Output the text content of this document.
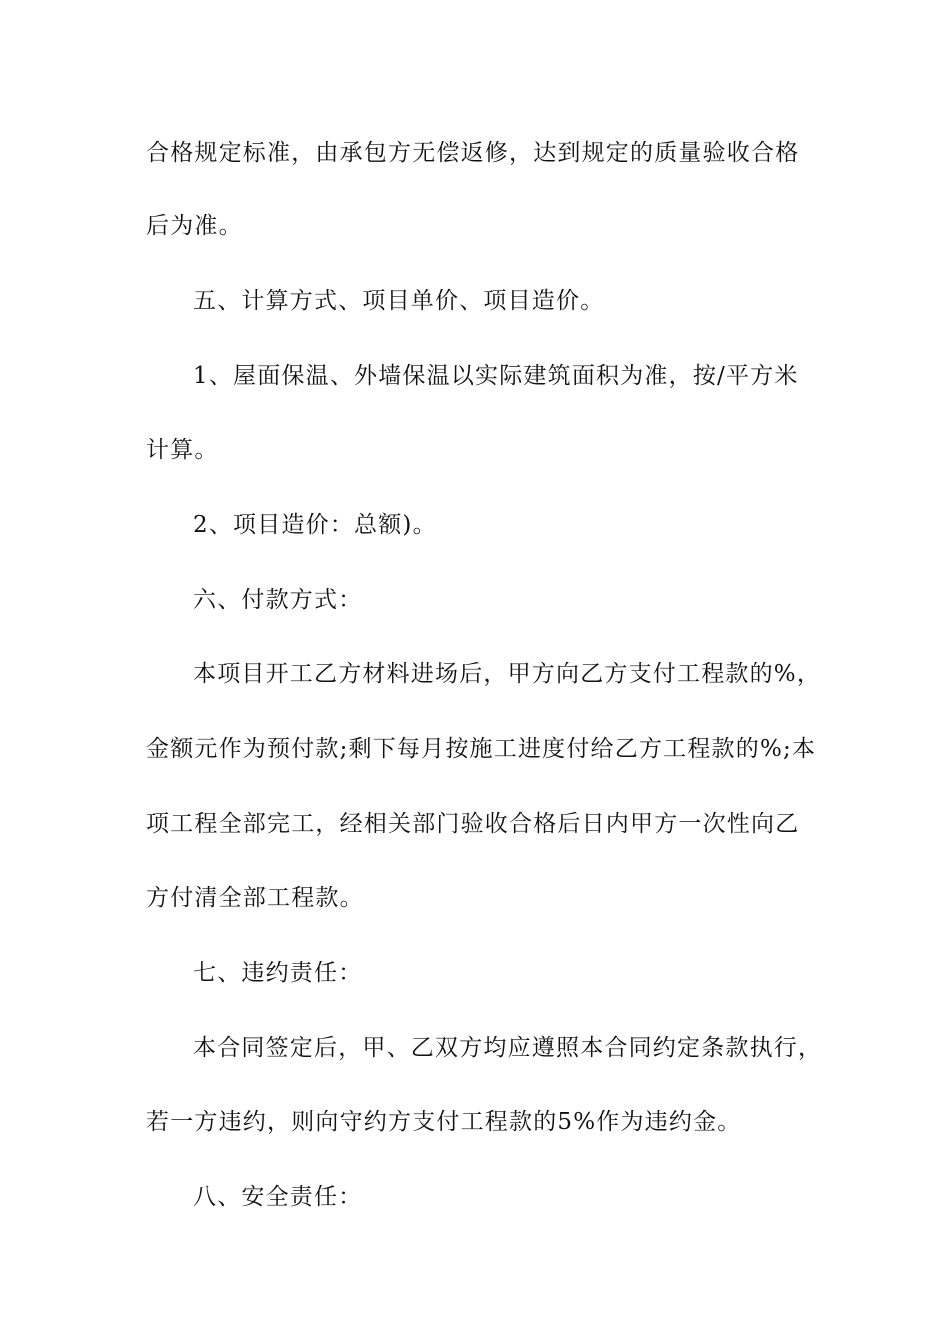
合格规定标准，由承包方无偿返修，达到规定的质量验收合格
后为准。
五、计算方式、项目单价、项目造价。
1、屋面保温、外墙保温以实际建筑面积为准，按/平方米
计算。
2、项目造价：总额)。
六、付款方式：
本项目开工乙方材料进场后，甲方向乙方支付工程款的%，
金额元作为预付款;剩下每月按施工进度付给乙方工程款的%;本
项工程全部完工，经相关部门验收合格后日内甲方一次性向乙
方付清全部工程款。
七、违约责任：
本合同签定后，甲、乙双方均应遵照本合同约定条款执行，
若一方违约，则向守约方支付工程款的5%作为违约金。
八、安全责任：
